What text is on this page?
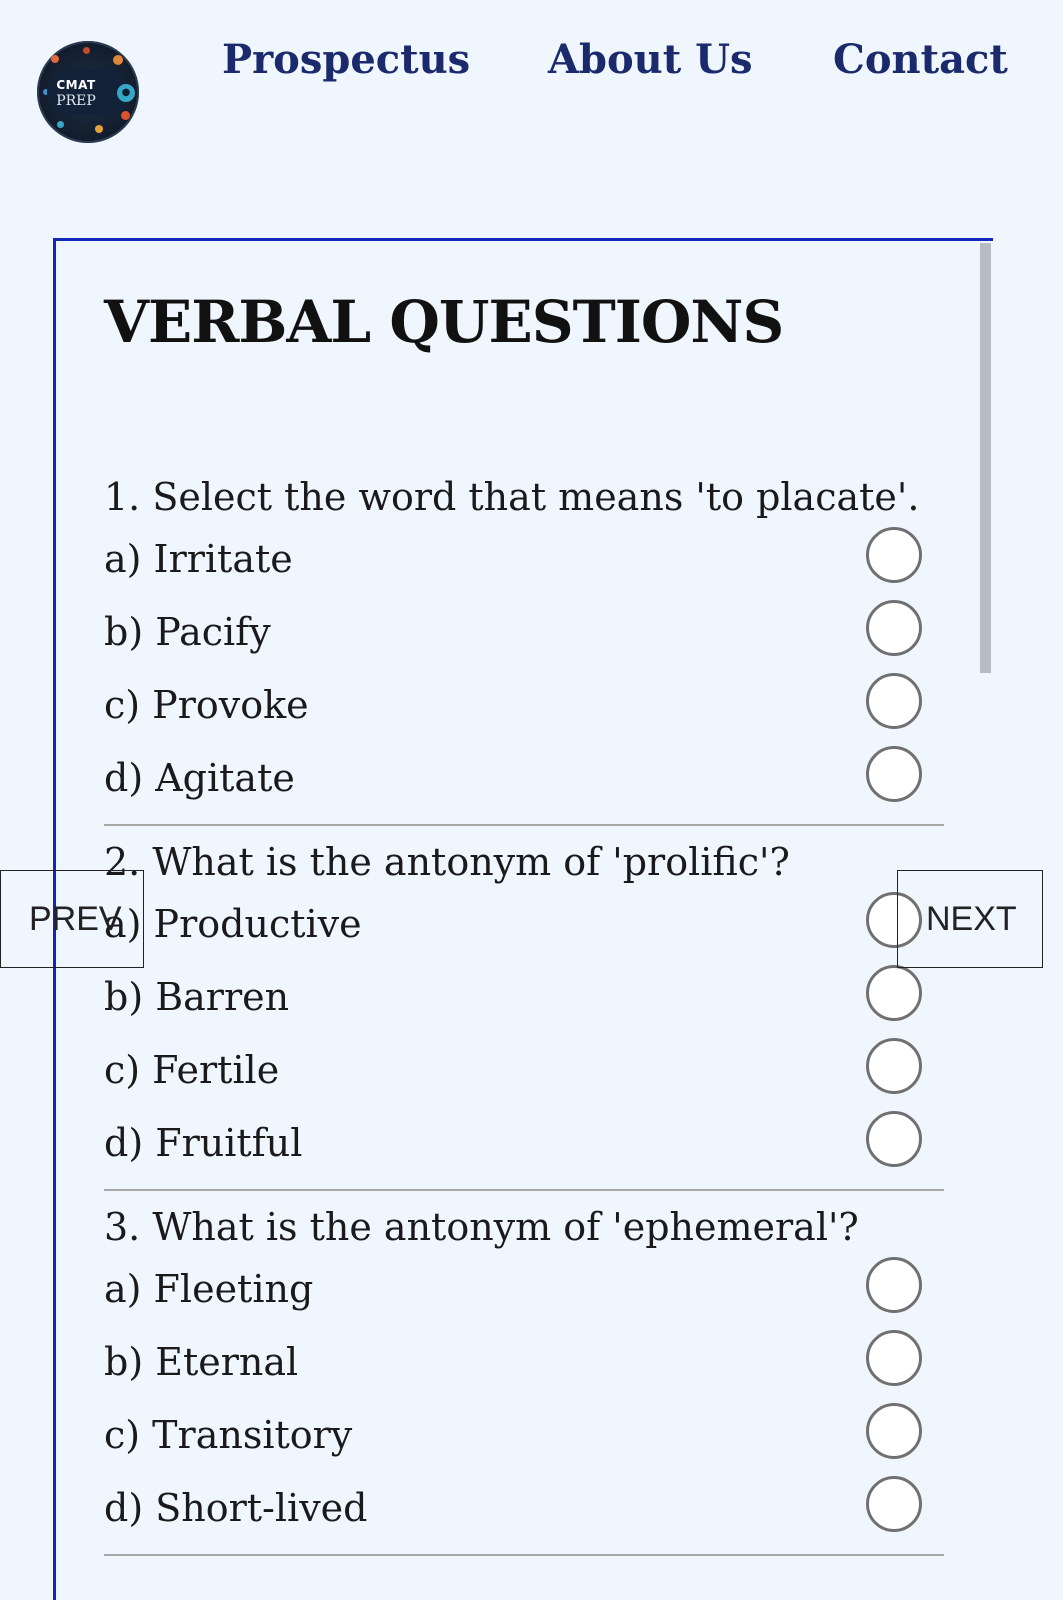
CMAT
PREP
●
Prospectus About Us Contact
VERBAL QUESTIONS
1. Select the word that means 'to placate'.
a) Irritate
b) Pacify
c) Provoke
d) Agitate
2. What is the antonym of 'prolific'?
a) Productive
b) Barren
c) Fertile
d) Fruitful
3. What is the antonym of 'ephemeral'?
a) Fleeting
b) Eternal
c) Transitory
d) Short-lived
PREV	NEXT
